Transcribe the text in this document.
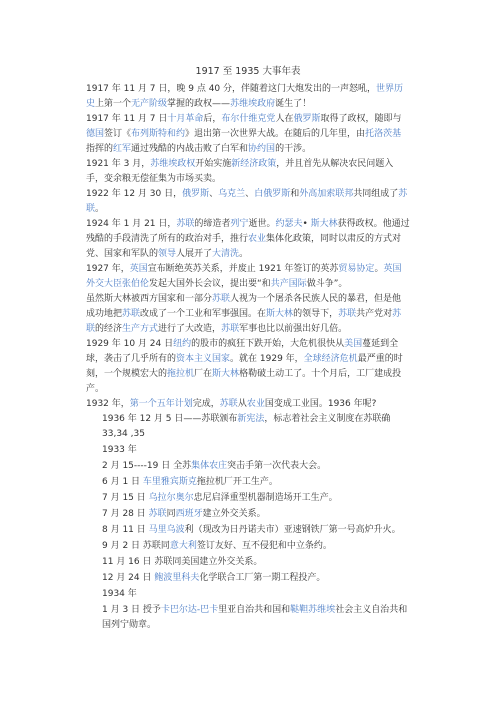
1917 至 1935 大事年表
1917 年 11 月 7 日，晚 9 点 40 分，伴随着这门大炮发出的一声怒吼，世界历史上第一个无产阶级掌握的政权——苏维埃政府诞生了！
1917 年 11 月 7 日十月革命后，布尔什维克党人在俄罗斯取得了政权，随即与德国签订《布列斯特和约》退出第一次世界大战。在随后的几年里，由托洛茨基指挥的红军通过残酷的内战击败了白军和协约国的干涉。
1921 年 3 月，苏维埃政权开始实施新经济政策，并且首先从解决农民问题入手，变余粮无偿征集为市场买卖。
1922 年 12 月 30 日，俄罗斯、乌克兰、白俄罗斯和外高加索联邦共同组成了苏联。
1924 年 1 月 21 日，苏联的缔造者列宁逝世。约瑟夫• 斯大林获得政权。他通过残酷的手段清洗了所有的政治对手，推行农业集体化政策，同时以肃反的方式对党、国家和军队的领导人展开了大清洗。
1927 年，英国宣布断绝英苏关系，并废止 1921 年签订的英苏贸易协定。英国外交大臣张伯伦发起大国外长会议，提出要“和共产国际做斗争”。
虽然斯大林被西方国家和一部分苏联人视为一个屠杀各民族人民的暴君，但是他成功地把苏联改成了一个工业和军事强国。在斯大林的领导下，苏联共产党对苏联的经济生产方式进行了大改造，苏联军事也比以前强出好几倍。
1929 年 10 月 24 日纽约的股市的疯狂下跌开始，大危机很快从美国蔓延到全球，袭击了几乎所有的资本主义国家。就在 1929 年，全球经济危机最严重的时刻，一个规模宏大的拖拉机厂在斯大林格勒破土动工了。十个月后，工厂建成投产。
1932 年，第一个五年计划完成，苏联从农业国变成工业国。1936 年呢?
1936 年 12 月 5 日——苏联颁布新宪法，标志着社会主义制度在苏联确 33,34 ,35
1933 年
2 月 15----19 日 全苏集体农庄突击手第一次代表大会。
6 月 1 日 车里雅宾斯克拖拉机厂开工生产。
7 月 15 日 乌拉尔奥尔忠尼启泽重型机器制造场开工生产。
7 月 28 日 苏联同西班牙建立外交关系。
8 月 11 日 马里乌波利（现改为日丹诺夫市）亚速钢铁厂第一号高炉升火。
9 月 2 日 苏联同意大利签订友好、互不侵犯和中立条约。
11 月 16 日 苏联同美国建立外交关系。
12 月 24 日 鲍波里科夫化学联合工厂第一期工程投产。
1934 年
1 月 3 日 授予卡巴尔达-巴卡里亚自治共和国和鞑靼苏维埃社会主义自治共和国列宁勋章。
